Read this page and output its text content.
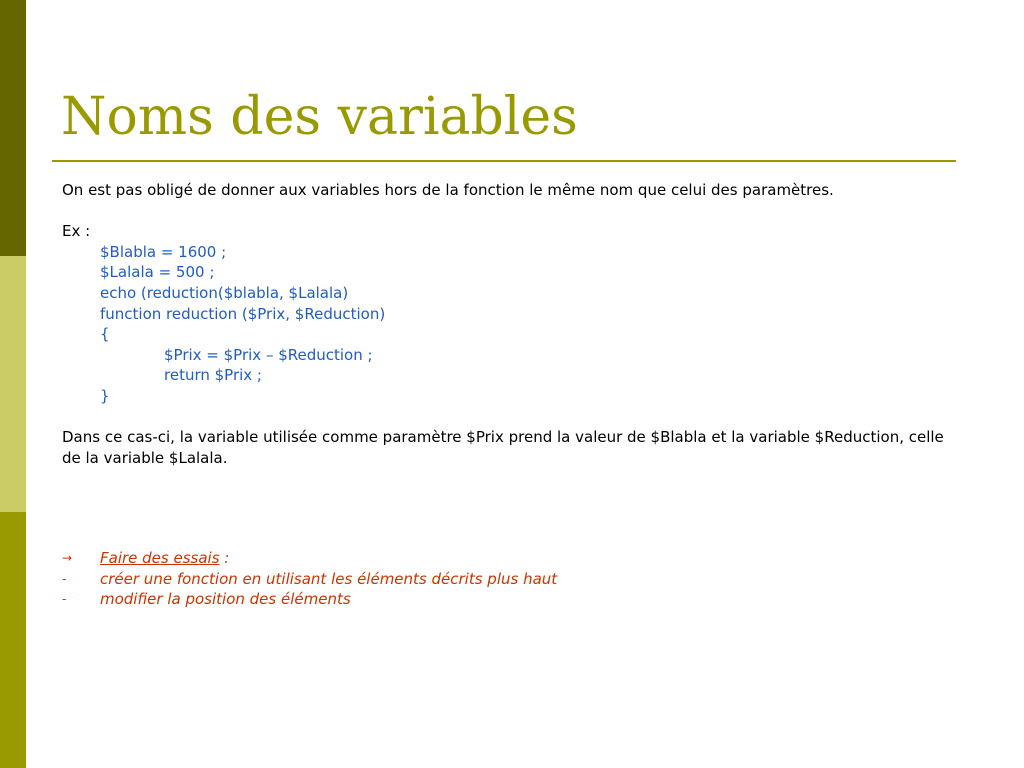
Noms des variables
On est pas obligé de donner aux variables hors de la fonction le même nom que celui des paramètres.
Ex :
$Blabla = 1600 ;
$Lalala = 500 ;
echo (reduction($blabla, $Lalala)
function reduction ($Prix, $Reduction)
{
$Prix = $Prix – $Reduction ;
return $Prix ;
}
Dans ce cas-ci, la variable utilisée comme paramètre $Prix prend la valeur de $Blabla et la variable $Reduction, celle de la variable $Lalala.
→	Faire des essais :
-	créer une fonction en utilisant les éléments décrits plus haut
-	modifier la position des éléments
